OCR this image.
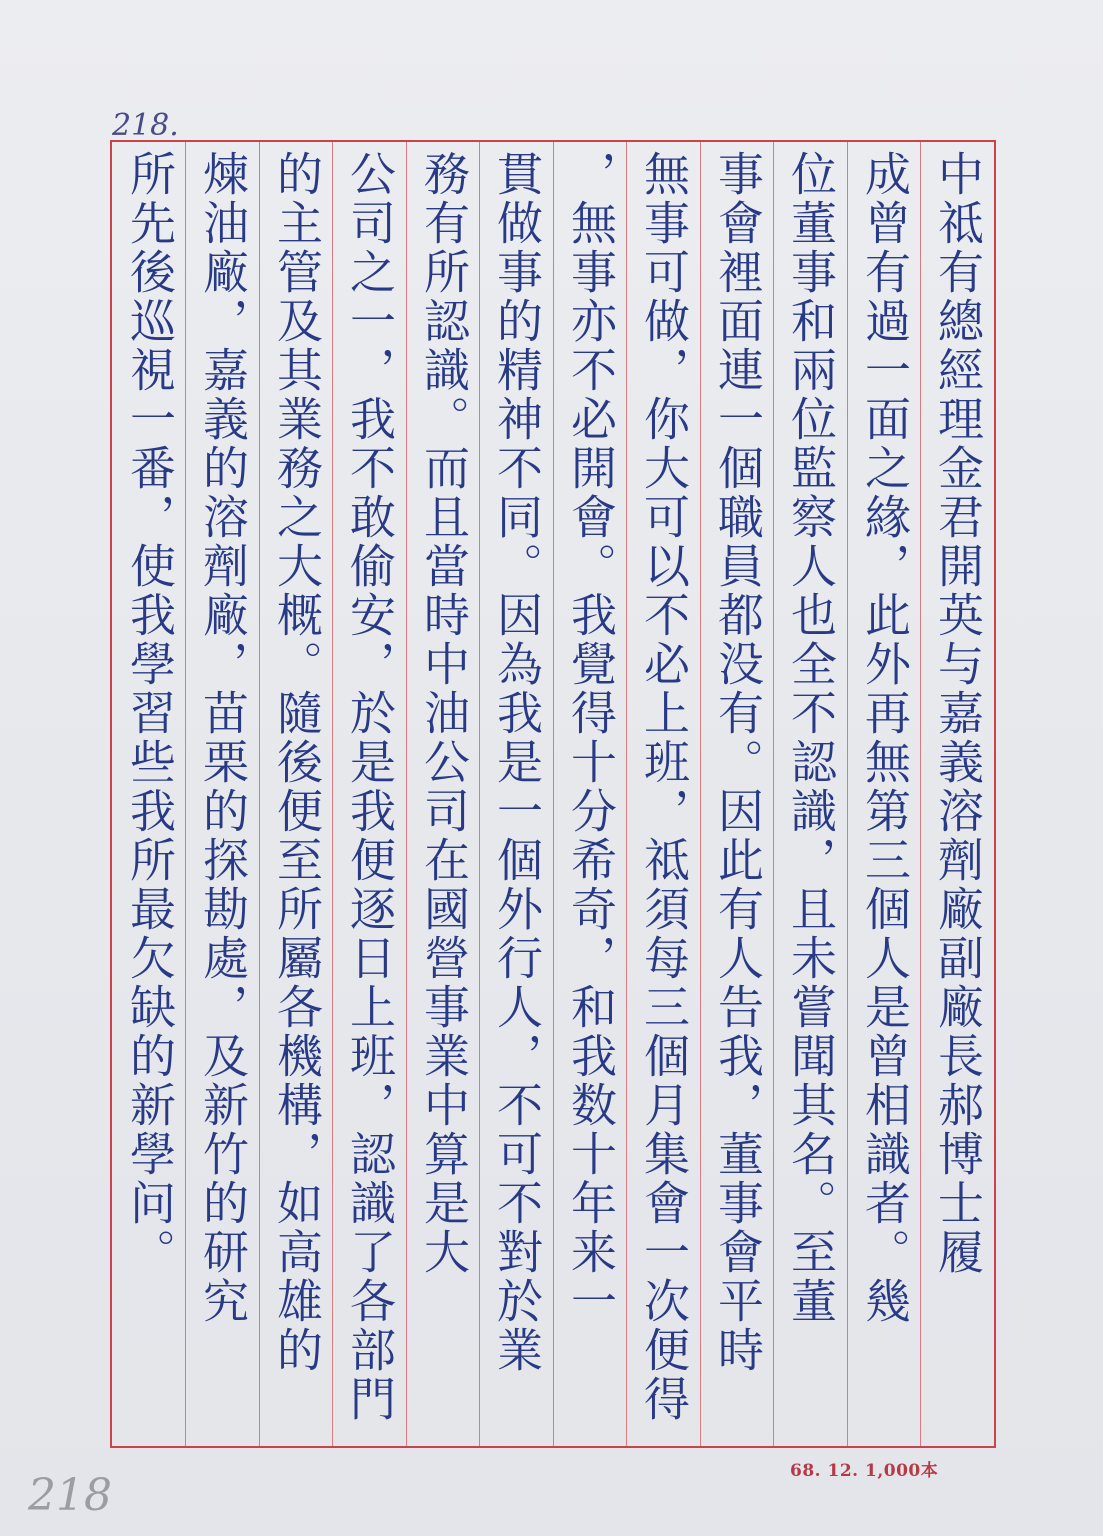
218.
中祗有總經理金君開英与嘉義溶劑廠副廠長郝博士履
成曾有過一面之緣，此外再無第三個人是曾相識者。幾
位董事和兩位監察人也全不認識，且未嘗聞其名。至董
事會裡面連一個職員都没有。因此有人告我，董事會平時
無事可做，你大可以不必上班，祗須每三個月集會一次便得
，無事亦不必開會。我覺得十分希奇，和我数十年来一
貫做事的精神不同。因為我是一個外行人，不可不對於業
務有所認識。而且當時中油公司在國營事業中算是大
公司之一，我不敢偷安，於是我便逐日上班，認識了各部門
的主管及其業務之大概。隨後便至所屬各機構，如高雄的
煉油廠，嘉義的溶劑廠，苗栗的探勘處，及新竹的研究
所先後巡視一番，使我學習些我所最欠缺的新學问。
68. 12. 1,000本
218
